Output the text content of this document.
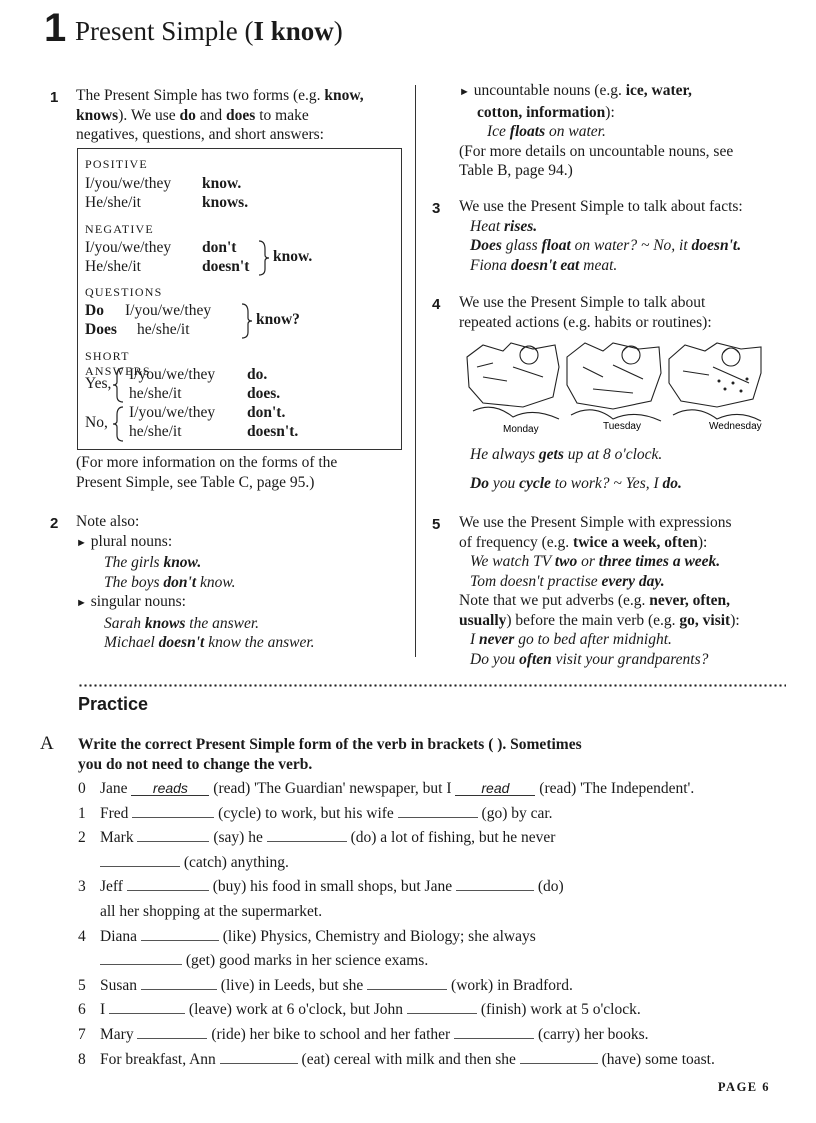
1 Present Simple (I know)
1 The Present Simple has two forms (e.g. know,
knows). We use do and does to make
negatives, questions, and short answers:
POSITIVE
I/you/we/they know.
He/she/it	knows.
NEGATIVE
I/you/we/they don't
He/she/it	doesn't
know.
QUESTIONS
Do I/you/we/they
Does he/she/it
know?
SHORT ANSWERS
Yes,
I/you/we/they do.
he/she/it	does.
No,
I/you/we/they don't.
he/she/it	doesn't.
(For more information on the forms of the
Present Simple, see Table C, page 95.)
2 Note also:
► plural nouns:
The girls know.
The boys don't know.
► singular nouns:
Sarah knows the answer.
Michael doesn't know the answer.
► uncountable nouns (e.g. ice, water,
cotton, information):
Ice floats on water.
(For more details on uncountable nouns, see
Table B, page 94.)
3 We use the Present Simple to talk about facts:
Heat rises.
Does glass float on water? ~ No, it doesn't.
Fiona doesn't eat meat.
4 We use the Present Simple to talk about
repeated actions (e.g. habits or routines):
Monday	Tuesday	Wednesday
He always gets up at 8 o'clock.
Do you cycle to work? ~ Yes, I do.
5 We use the Present Simple with expressions
of frequency (e.g. twice a week, often):
We watch TV two or three times a week.
Tom doesn't practise every day.
Note that we put adverbs (e.g. never, often,
usually) before the main verb (e.g. go, visit):
I never go to bed after midnight.
Do you often visit your grandparents?
Practice
A Write the correct Present Simple form of the verb in brackets ( ). Sometimes
you do not need to change the verb.
0 Jane reads (read) 'The Guardian' newspaper, but I read (read) 'The Independent'.
1 Fred	(cycle) to work, but his wife	(go) by car.
2 Mark	(say) he	(do) a lot of fishing, but he never
(catch) anything.
3 Jeff	(buy) his food in small shops, but Jane	(do)
all her shopping at the supermarket.
4 Diana	(like) Physics, Chemistry and Biology; she always
(get) good marks in her science exams.
5 Susan	(live) in Leeds, but she	(work) in Bradford.
6 I	(leave) work at 6 o'clock, but John	(finish) work at 5 o'clock.
7 Mary	(ride) her bike to school and her father	(carry) her books.
8 For breakfast, Ann	(eat) cereal with milk and then she	(have) some toast.
PAGE 6
